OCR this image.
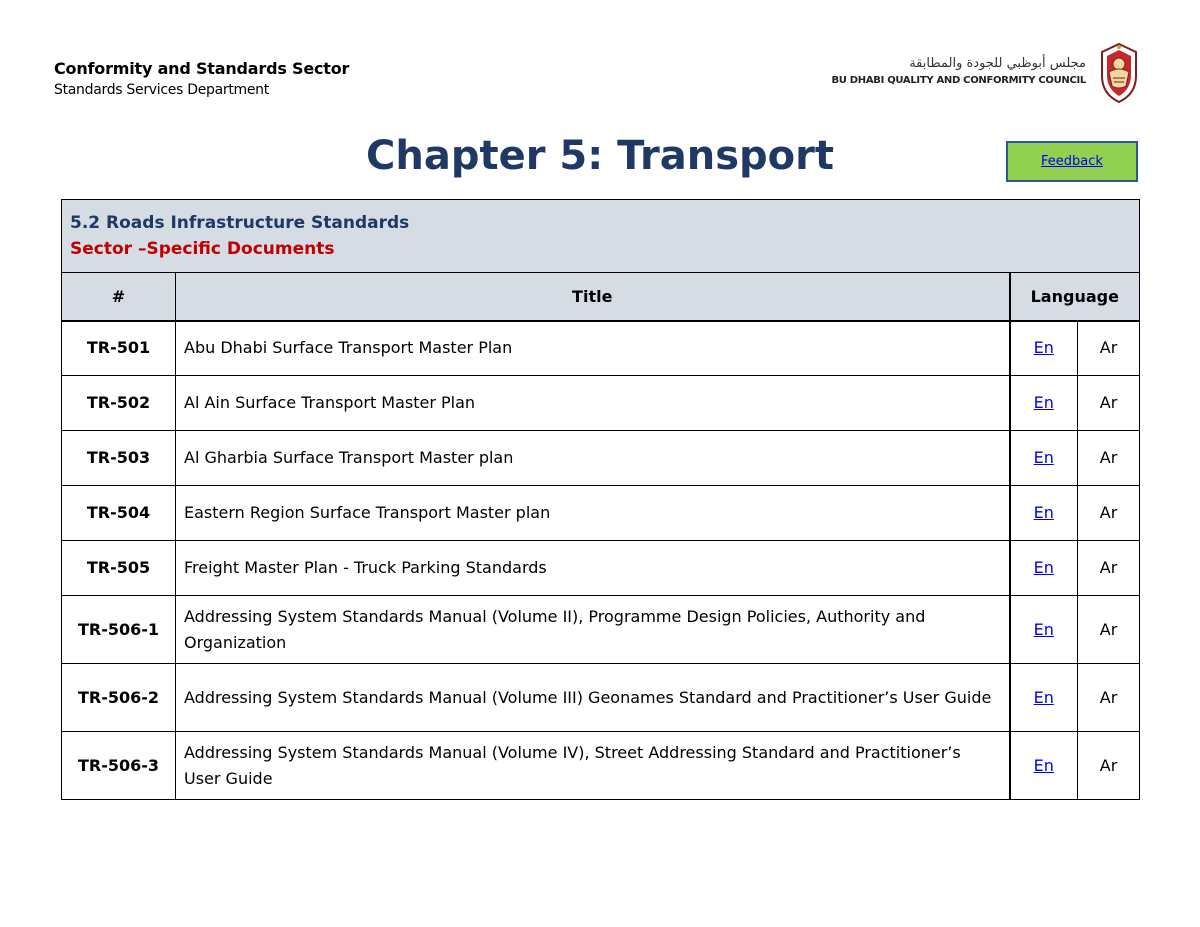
Conformity and Standards Sector
Standards Services Department
مجلس أبوظبي للجودة والمطابقة
BU DHABI QUALITY AND CONFORMITY COUNCIL
Chapter 5: Transport	Feedback
5.2 Roads Infrastructure Standards
Sector –Specific Documents			

#	Title	Language	
TR-501	Abu Dhabi Surface Transport Master Plan	En	Ar
TR-502	Al Ain Surface Transport Master Plan	En	Ar
TR-503	Al Gharbia Surface Transport Master plan	En	Ar
TR-504	Eastern Region Surface Transport Master plan	En	Ar
TR-505	Freight Master Plan - Truck Parking Standards	En	Ar
TR-506-1	Addressing System Standards Manual (Volume II), Programme Design Policies, Authority and Organization	En	Ar
TR-506-2	Addressing System Standards Manual (Volume III) Geonames Standard and Practitioner’s User Guide	En	Ar
TR-506-3	Addressing System Standards Manual (Volume IV), Street Addressing Standard and Practitioner’s User Guide	En	Ar
